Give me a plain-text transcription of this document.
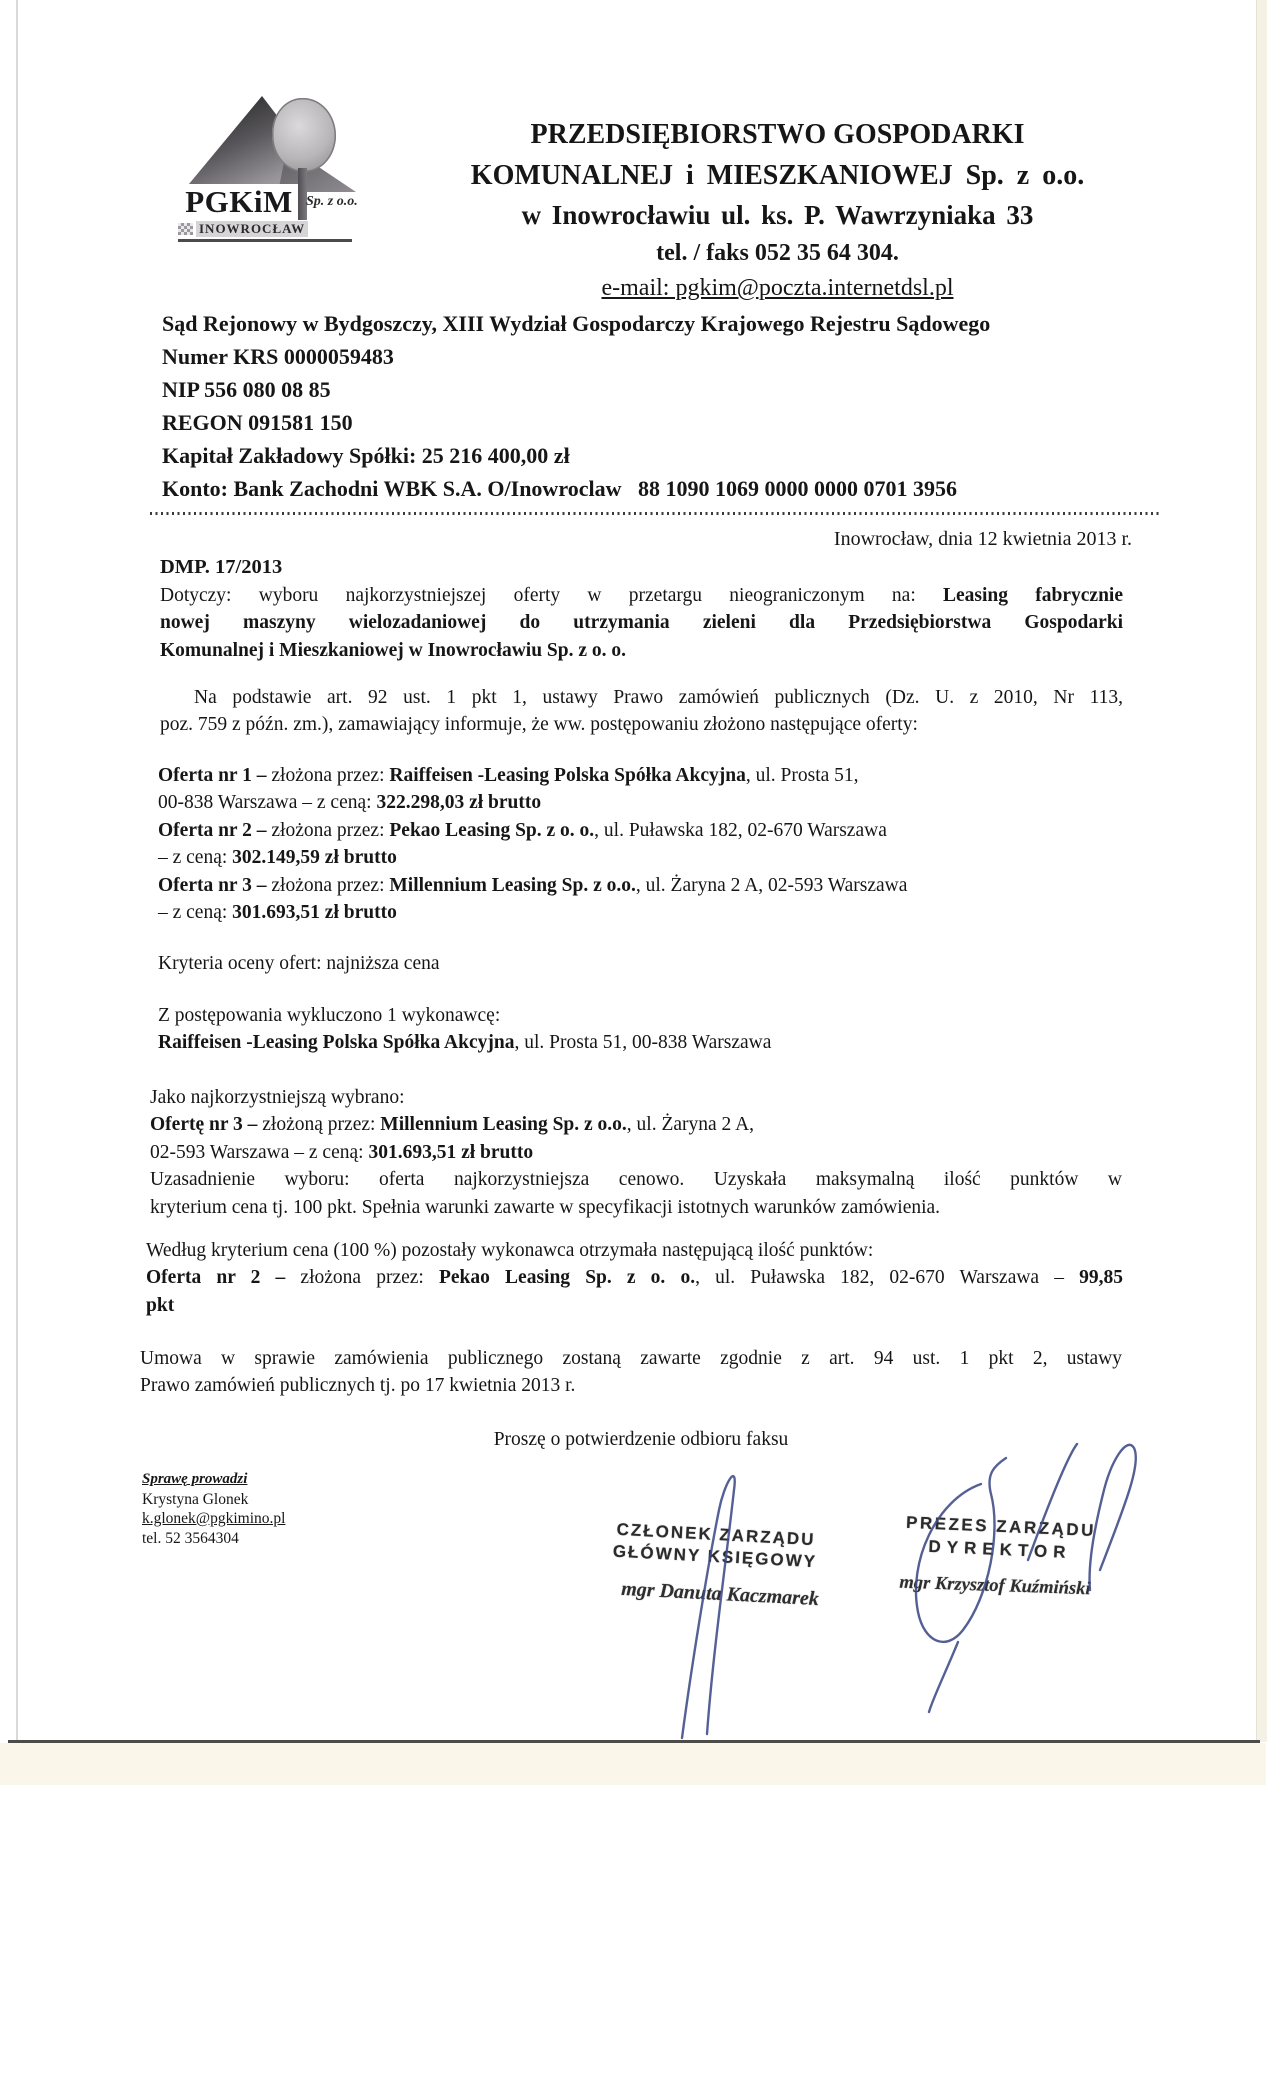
PGKiM Sp. z o.o.
INOWROCŁAW
PRZEDSIĘBIORSTWO GOSPODARKI
KOMUNALNEJ i MIESZKANIOWEJ Sp. z o.o.
w Inowrocławiu ul. ks. P. Wawrzyniaka 33
tel. / faks 052 35 64 304.
e-mail: pgkim@poczta.internetdsl.pl
Sąd Rejonowy w Bydgoszczy, XIII Wydział Gospodarczy Krajowego Rejestru Sądowego
Numer KRS 0000059483
NIP 556 080 08 85
REGON 091581 150
Kapitał Zakładowy Spółki: 25 216 400,00 zł
Konto: Bank Zachodni WBK S.A. O/Inowroclaw   88 1090 1069 0000 0000 0701 3956
Inowrocław, dnia 12 kwietnia 2013 r.
DMP. 17/2013
Dotyczy: wyboru najkorzystniejszej oferty w przetargu nieograniczonym na: Leasing fabrycznie
nowej maszyny wielozadaniowej do utrzymania zieleni dla Przedsiębiorstwa Gospodarki
Komunalnej i Mieszkaniowej w Inowrocławiu Sp. z o. o.
Na podstawie art. 92 ust. 1 pkt 1, ustawy Prawo zamówień publicznych (Dz. U. z 2010, Nr 113,
poz. 759 z późn. zm.), zamawiający informuje, że ww. postępowaniu złożono następujące oferty:
Oferta nr 1 – złożona przez: Raiffeisen -Leasing Polska Spółka Akcyjna, ul. Prosta 51,
00-838 Warszawa – z ceną: 322.298,03 zł brutto
Oferta nr 2 – złożona przez: Pekao Leasing Sp. z o. o., ul. Puławska 182, 02-670 Warszawa
– z ceną: 302.149,59 zł brutto
Oferta nr 3 – złożona przez: Millennium Leasing Sp. z o.o., ul. Żaryna 2 A, 02-593 Warszawa
– z ceną: 301.693,51 zł brutto
Kryteria oceny ofert: najniższa cena
Z postępowania wykluczono 1 wykonawcę:
Raiffeisen -Leasing Polska Spółka Akcyjna, ul. Prosta 51, 00-838 Warszawa
Jako najkorzystniejszą wybrano:
Ofertę nr 3 – złożoną przez: Millennium Leasing Sp. z o.o., ul. Żaryna 2 A,
02-593 Warszawa – z ceną: 301.693,51 zł brutto
Uzasadnienie wyboru: oferta najkorzystniejsza cenowo. Uzyskała maksymalną ilość punktów w
kryterium cena tj. 100 pkt. Spełnia warunki zawarte w specyfikacji istotnych warunków zamówienia.
Według kryterium cena (100 %) pozostały wykonawca otrzymała następującą ilość punktów:
Oferta nr 2 – złożona przez: Pekao Leasing Sp. z o. o., ul. Puławska 182, 02-670 Warszawa – 99,85
pkt
Umowa w sprawie zamówienia publicznego zostaną zawarte zgodnie z art. 94 ust. 1 pkt 2, ustawy
Prawo zamówień publicznych tj. po 17 kwietnia 2013 r.
Proszę o potwierdzenie odbioru faksu
Sprawę prowadzi
Krystyna Glonek
k.glonek@pgkimino.pl
tel. 52 3564304	CZŁONEK ZARZĄDU
GŁÓWNY KSIĘGOWY
mgr Danuta Kaczmarek
PREZES ZARZĄDU
DYREKTOR
mgr Krzysztof Kuźmiński
